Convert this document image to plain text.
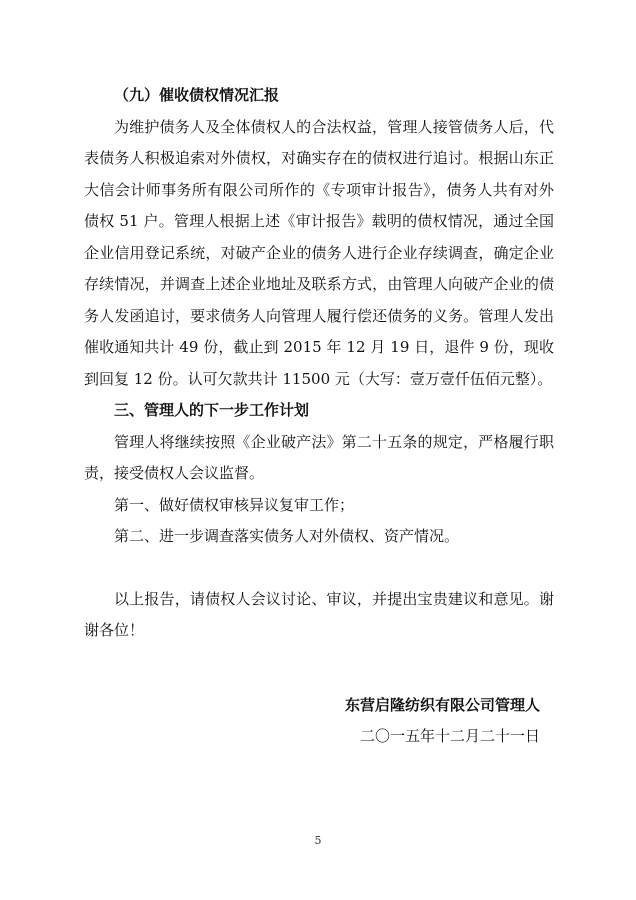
（九）催收债权情况汇报

为维护债务人及全体债权人的合法权益，管理人接管债务人后，代表债务人积极追索对外债权，对确实存在的债权进行追讨。根据山东正大信会计师事务所有限公司所作的《专项审计报告》，债务人共有对外债权 51 户。管理人根据上述《审计报告》载明的债权情况，通过全国企业信用登记系统，对破产企业的债务人进行企业存续调查，确定企业存续情况，并调查上述企业地址及联系方式，由管理人向破产企业的债务人发函追讨，要求债务人向管理人履行偿还债务的义务。管理人发出催收通知共计 49 份，截止到 2015 年 12 月 19 日，退件 9 份，现收到回复 12 份。认可欠款共计 11500 元（大写：壹万壹仟伍佰元整）。

三、管理人的下一步工作计划

管理人将继续按照《企业破产法》第二十五条的规定，严格履行职责，接受债权人会议监督。

第一、做好债权审核异议复审工作；

第二、进一步调查落实债务人对外债权、资产情况。

以上报告，请债权人会议讨论、审议，并提出宝贵建议和意见。谢谢各位！

东营启隆纺织有限公司管理人
二〇一五年十二月二十一日
5
